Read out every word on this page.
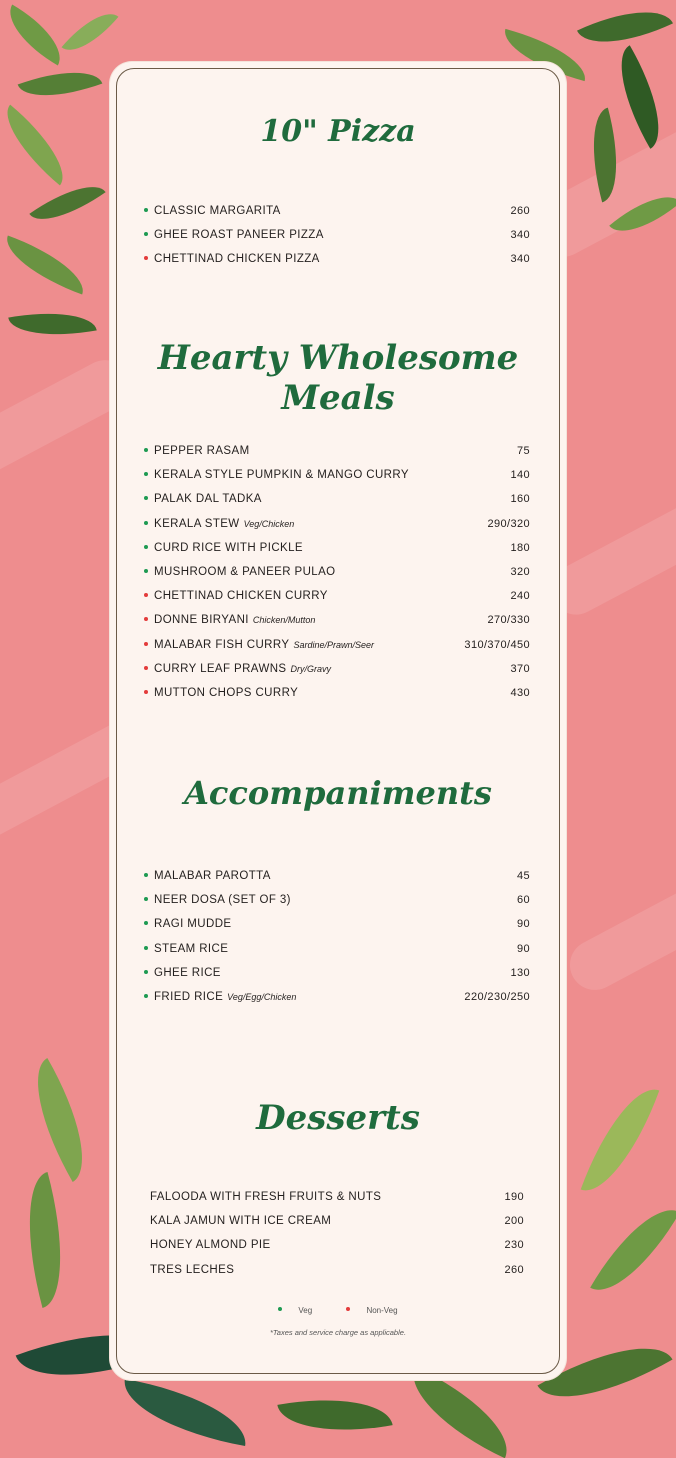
10" Pizza
CLASSIC MARGARITA	260
GHEE ROAST PANEER PIZZA	340
CHETTINAD CHICKEN PIZZA	340
Hearty Wholesome Meals
PEPPER RASAM	75
KERALA STYLE PUMPKIN & MANGO CURRY	140
PALAK DAL TADKA	160
KERALA STEW Veg/Chicken	290/320
CURD RICE WITH PICKLE	180
MUSHROOM & PANEER PULAO	320
CHETTINAD CHICKEN CURRY	240
DONNE BIRYANI Chicken/Mutton	270/330
MALABAR FISH CURRY Sardine/Prawn/Seer	310/370/450
CURRY LEAF PRAWNS Dry/Gravy	370
MUTTON CHOPS CURRY	430
Accompaniments
MALABAR PAROTTA	45
NEER DOSA (SET OF 3)	60
RAGI MUDDE	90
STEAM RICE	90
GHEE RICE	130
FRIED RICE Veg/Egg/Chicken	220/230/250
Desserts
FALOODA WITH FRESH FRUITS & NUTS	190
KALA JAMUN WITH ICE CREAM	200
HONEY ALMOND PIE	230
TRES LECHES	260
Veg	Non-Veg
*Taxes and service charge as applicable.
